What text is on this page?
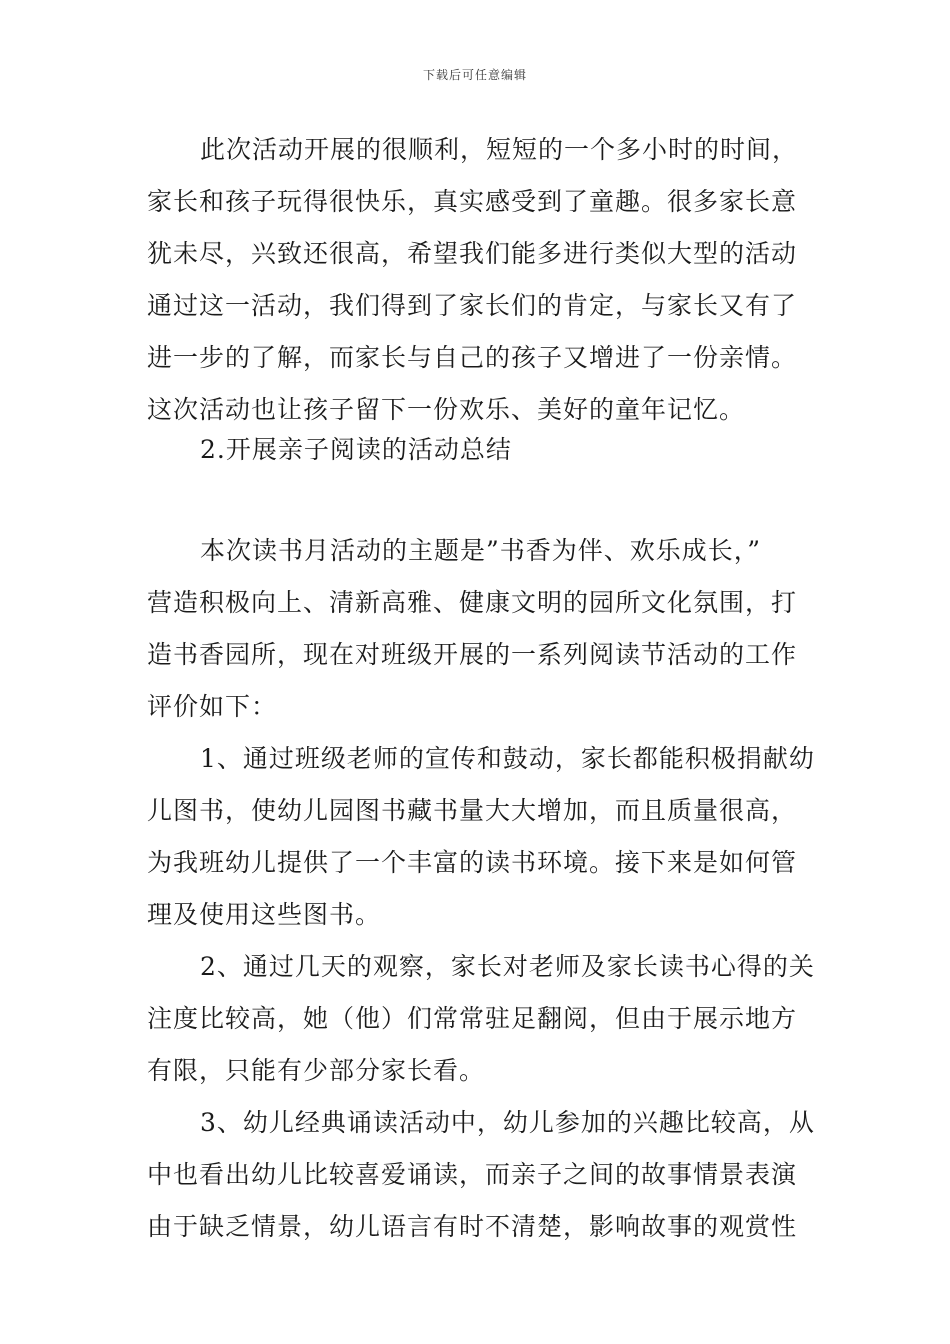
下载后可任意编辑
此次活动开展的很顺利，短短的一个多小时的时间，
家长和孩子玩得很快乐，真实感受到了童趣。很多家长意
犹未尽，兴致还很高，希望我们能多进行类似大型的活动
通过这一活动，我们得到了家长们的肯定，与家长又有了
进一步的了解，而家长与自己的孩子又增进了一份亲情。
这次活动也让孩子留下一份欢乐、美好的童年记忆。
2.开展亲子阅读的活动总结
本次读书月活动的主题是”书香为伴、欢乐成长，”
营造积极向上、清新高雅、健康文明的园所文化氛围，打
造书香园所，现在对班级开展的一系列阅读节活动的工作
评价如下：
1、通过班级老师的宣传和鼓动，家长都能积极捐献幼
儿图书，使幼儿园图书藏书量大大增加，而且质量很高，
为我班幼儿提供了一个丰富的读书环境。接下来是如何管
理及使用这些图书。
2、通过几天的观察，家长对老师及家长读书心得的关
注度比较高，她（他）们常常驻足翻阅，但由于展示地方
有限，只能有少部分家长看。
3、幼儿经典诵读活动中，幼儿参加的兴趣比较高，从
中也看出幼儿比较喜爱诵读，而亲子之间的故事情景表演
由于缺乏情景，幼儿语言有时不清楚，影响故事的观赏性
